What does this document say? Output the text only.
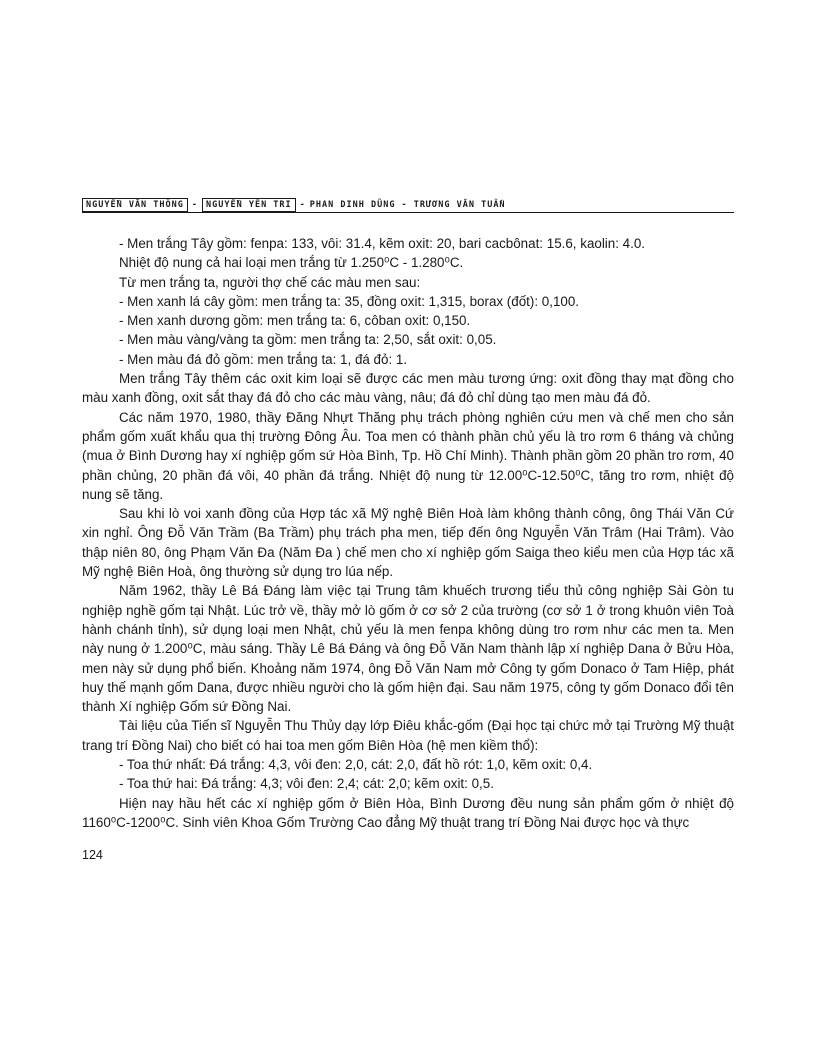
NGUYỄN VĂN THÔNG - NGUYỄN YÊN TRI - PHAN DINH DŨNG - TRƯƠNG VĂN TUẤN

- Men trắng Tây gồm: fenpa: 133, vôi: 31.4, kẽm oxit: 20, bari cacbônat: 15.6, kaolin: 4.0.

Nhiệt độ nung cả hai loại men trắng từ 1.250⁰C - 1.280⁰C.

Từ men trắng ta, người thợ chế các màu men sau:

- Men xanh lá cây gồm: men trắng ta: 35, đồng oxit: 1,315, borax (đốt): 0,100.

- Men xanh dương gồm: men trắng ta: 6, côban oxit: 0,150.

- Men màu vàng/vàng ta gồm: men trắng ta: 2,50, sắt oxit: 0,05.

- Men màu đá đỏ gồm: men trắng ta: 1, đá đỏ: 1.

Men trắng Tây thêm các oxit kim loại sẽ được các men màu tương ứng: oxit đồng thay mạt đồng cho màu xanh đồng, oxit sắt thay đá đỏ cho các màu vàng, nâu; đá đỏ chỉ dùng tạo men màu đá đỏ.

Các năm 1970, 1980, thầy Đăng Nhựt Thăng phụ trách phòng nghiên cứu men và chế men cho sản phẩm gốm xuất khẩu qua thị trường Đông Âu. Toa men có thành phần chủ yếu là tro rơm 6 tháng và chủng (mua ở Bình Dương hay xí nghiệp gốm sứ Hòa Bình, Tp. Hồ Chí Minh). Thành phần gồm 20 phần tro rơm, 40 phần chủng, 20 phần đá vôi, 40 phần đá trắng. Nhiệt độ nung từ 12.00⁰C-12.50⁰C, tăng tro rơm, nhiệt độ nung sẽ tăng.

Sau khi lò voi xanh đồng của Hợp tác xã Mỹ nghệ Biên Hoà làm không thành công, ông Thái Văn Cứ xin nghỉ. Ông Đỗ Văn Trầm (Ba Trầm) phụ trách pha men, tiếp đến ông Nguyễn Văn Trâm (Hai Trâm). Vào thập niên 80, ông Phạm Văn Đa (Năm Đa ) chế men cho xí nghiệp gốm Saiga theo kiểu men của Hợp tác xã Mỹ nghệ Biên Hoà, ông thường sử dụng tro lúa nếp.

Năm 1962, thầy Lê Bá Đáng làm việc tại Trung tâm khuếch trương tiểu thủ công nghiệp Sài Gòn tu nghiệp nghề gốm tại Nhật. Lúc trở về, thầy mở lò gốm ở cơ sở 2 của trường (cơ sở 1 ở trong khuôn viên Toà hành chánh tỉnh), sử dụng loại men Nhật, chủ yếu là men fenpa không dùng tro rơm như các men ta. Men này nung ở 1.200⁰C, màu sáng. Thầy Lê Bá Đáng và ông Đỗ Văn Nam thành lập xí nghiệp Dana ở Bửu Hòa, men này sử dụng phổ biến. Khoảng năm 1974, ông Đỗ Văn Nam mở Công ty gốm Donaco ở Tam Hiệp, phát huy thế mạnh gốm Dana, được nhiều người cho là gốm hiện đại. Sau năm 1975, công ty gốm Donaco đổi tên thành Xí nghiệp Gốm sứ Đồng Nai.

Tài liệu của Tiến sĩ Nguyễn Thu Thủy dạy lớp Điêu khắc-gốm (Đại học tại chức mở tại Trường Mỹ thuật trang trí Đồng Nai) cho biết có hai toa men gốm Biên Hòa (hệ men kiềm thổ):

- Toa thứ nhất: Đá trắng: 4,3, vôi đen: 2,0, cát: 2,0, đất hồ rót: 1,0, kẽm oxit: 0,4.

- Toa thứ hai: Đá trắng: 4,3; vôi đen: 2,4; cát: 2,0; kẽm oxit: 0,5.

Hiện nay hầu hết các xí nghiệp gốm ở Biên Hòa, Bình Dương đều nung sản phẩm gốm ở nhiệt độ 1160⁰C-1200⁰C. Sinh viên Khoa Gốm Trường Cao đẳng Mỹ thuật trang trí Đồng Nai được học và thực

124
